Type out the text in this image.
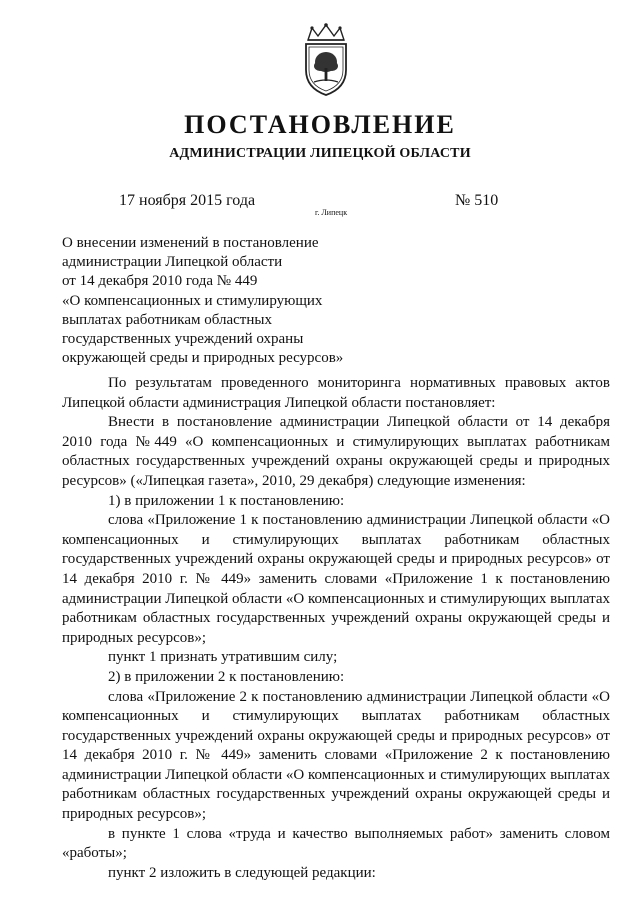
ПОСТАНОВЛЕНИЕ
АДМИНИСТРАЦИИ ЛИПЕЦКОЙ ОБЛАСТИ
17 ноября 2015 года
г. Липецк
№ 510
О внесении изменений в постановление
администрации Липецкой области
от 14 декабря 2010 года № 449
«О компенсационных и стимулирующих
выплатах работникам областных
государственных учреждений охраны
окружающей среды и природных ресурсов»

По результатам проведенного мониторинга нормативных правовых актов Липецкой области администрация Липецкой области постановляет:

Внести в постановление администрации Липецкой области от 14 декабря 2010 года №449 «О компенсационных и стимулирующих выплатах работникам областных государственных учреждений охраны окружающей среды и природных ресурсов» («Липецкая газета», 2010, 29 декабря) следующие изменения:

1) в приложении 1 к постановлению:

слова «Приложение 1 к постановлению администрации Липецкой области «О компенсационных и стимулирующих выплатах работникам областных государственных учреждений охраны окружающей среды и природных ресурсов» от 14 декабря 2010 г. № 449» заменить словами «Приложение 1 к постановлению администрации Липецкой области «О компенсационных и стимулирующих выплатах работникам областных государственных учреждений охраны окружающей среды и природных ресурсов»;

пункт 1 признать утратившим силу;

2) в приложении 2 к постановлению:

слова «Приложение 2 к постановлению администрации Липецкой области «О компенсационных и стимулирующих выплатах работникам областных государственных учреждений охраны окружающей среды и природных ресурсов» от 14 декабря 2010 г. № 449» заменить словами «Приложение 2 к постановлению администрации Липецкой области «О компенсационных и стимулирующих выплатах работникам областных государственных учреждений охраны окружающей среды и природных ресурсов»;

в пункте 1 слова «труда и качество выполняемых работ» заменить словом «работы»;

пункт 2 изложить в следующей редакции:
